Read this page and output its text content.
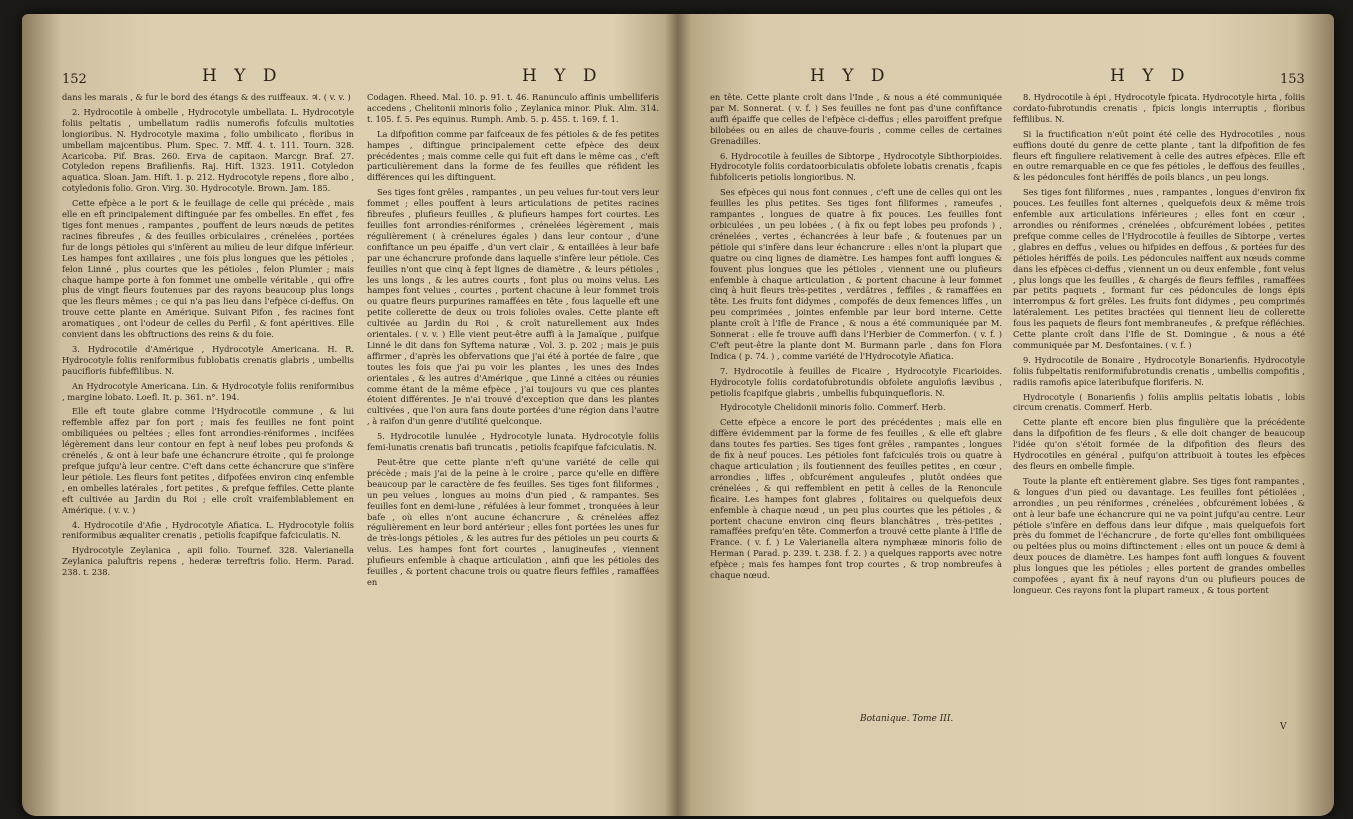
152	H Y D	H Y D

dans les marais , & fur le bord des étangs & des ruiffeaux. ♃. ( v. v. )

2. Hydrocotile à ombelle , Hydrocotyle umbellata. L. Hydrocotyle foliis peltatis , umbellatum radiis numerofis fofculis multoties longioribus. N. Hydrocotyle maxima , folio umbilicato , floribus in umbellam majcentibus. Plum. Spec. 7. Mff. 4. t. 111. Tourn. 328. Acaricoba. Pif. Bras. 260. Erva de capitaon. Marcgr. Braf. 27. Cotyledon repens Brafilienfis. Raj. Hift. 1323. 1911. Cotyledon aquatica. Sloan. Jam. Hift. 1. p. 212. Hydrocotyle repens , flore albo , cotyledonis folio. Gron. Virg. 30. Hydrocotyle. Brown. Jam. 185.

Cette efpèce a le port & le feuillage de celle qui précède , mais elle en eft principalement diftinguée par fes ombelles. En effet , fes tiges font menues , rampantes , pouffent de leurs nœuds de petites racines fibreufes , & des feuilles orbiculaires , crénelées , portées fur de longs pétioles qui s'inſèrent au milieu de leur difque inférieur. Les hampes font axillaires , une fois plus longues que les pétioles , felon Linné , plus courtes que les pétioles , felon Plumier ; mais chaque hampe porte à fon fommet une ombelle véritable , qui offre plus de vingt fleurs foutenues par des rayons beaucoup plus longs que les fleurs mêmes ; ce qui n'a pas lieu dans l'efpèce ci-deffus. On trouve cette plante en Amérique. Suivant Pifon , fes racines font aromatiques , ont l'odeur de celles du Perfil , & font apéritives. Elle convient dans les obftructions des reins & du foie.

3. Hydrocotile d'Amérique , Hydrocotyle Americana. H. R. Hydrocotyle foliis reniformibus fublobatis crenatis glabris , umbellis paucifloris fubfeffilibus. N.

An Hydrocotyle Americana. Lin. & Hydrocotyle foliis reniformibus , margine lobato. Loefl. It. p. 361. n°. 194.

Elle eft toute glabre comme l'Hydrocotile commune , & lui reffemble affez par fon port ; mais fes feuilles ne font point ombiliquées ou peltées ; elles font arrondies-réniformes , incifées légèrement dans leur contour en fept à neuf lobes peu profonds & crénelés , & ont à leur bafe une échancrure étroite , qui fe prolonge prefque jufqu'à leur centre. C'eft dans cette échancrure que s'infère leur pétiole. Les fleurs font petites , difpofées environ cinq enfemble , en ombelles latérales , fort petites , & prefque feffiles. Cette plante eft cultivée au Jardin du Roi ; elle croît vraifemblablement en Amérique. ( v. v. )

4. Hydrocotile d'Afie , Hydrocotyle Afiatica. L. Hydrocotyle foliis reniformibus æqualiter crenatis , petiolis fcapifque fafciculatis. N.

Hydrocotyle Zeylanica , apii folio. Tournef. 328. Valerianella Zeylanica paluftris repens , hederæ terreftris folio. Herm. Parad. 238. t. 238.

Codagen. Rheed. Mal. 10. p. 91. t. 46. Ranunculo affinis umbelliferis accedens , Chelitonii minoris folio , Zeylanica minor. Pluk. Alm. 314. t. 105. f. 5. Pes equinus. Rumph. Amb. 5. p. 455. t. 169. f. 1.

La difpofition comme par faifceaux de fes pétioles & de fes petites hampes , diftingue principalement cette efpèce des deux précédentes ; mais comme celle qui fuit eft dans le même cas , c'eft particulièrement dans la forme de fes feuilles que réfident les différences qui les diftinguent.

Ses tiges font grêles , rampantes , un peu velues fur-tout vers leur fommet ; elles pouffent à leurs articulations de petites racines fibreufes , plufieurs feuilles , & plufieurs hampes fort courtes. Les feuilles font arrondies-réniformes , crénelées légèrement , mais régulièrement ( à crénelures égales ) dans leur contour , d'une confiftance un peu épaiffe , d'un vert clair , & entaillées à leur bafe par une échancrure profonde dans laquelle s'infère leur pétiole. Ces feuilles n'ont que cinq à fept lignes de diamètre , & leurs pétioles , les uns longs , & les autres courts , font plus ou moins velus. Les hampes font velues , courtes , portent chacune à leur fommet trois ou quatre fleurs purpurines ramaffées en tête , fous laquelle eft une petite collerette de deux ou trois folioles ovales. Cette plante eft cultivée au Jardin du Roi , & croît naturellement aux Indes orientales. ( v. v. ) Elle vient peut-être auffi à la Jamaïque , puifque Linné le dit dans fon Syftema naturæ , Vol. 3. p. 202 ; mais je puis affirmer , d'après les obfervations que j'ai été à portée de faire , que toutes les fois que j'ai pu voir les plantes , les unes des Indes orientales , & les autres d'Amérique , que Linné a citées ou réunies comme étant de la même efpèce , j'ai toujours vu que ces plantes étoient différentes. Je n'ai trouvé d'exception que dans les plantes cultivées , que l'on aura fans doute portées d'une région dans l'autre , à raifon d'un genre d'utilité quelconque.

5. Hydrocotile lunulée , Hydrocotyle lunata. Hydrocotyle foliis femi-lunatis crenatis bafi truncatis , petiolis fcapifque fafciculatis. N.

Peut-être que cette plante n'eft qu'une variété de celle qui précède ; mais j'ai de la peine à le croire , parce qu'elle en diffère beaucoup par le caractère de fes feuilles. Ses tiges font filiformes , un peu velues , longues au moins d'un pied , & rampantes. Ses feuilles font en demi-lune , réfulées à leur fommet , tronquées à leur bafe , où elles n'ont aucune échancrure , & crénelées affez régulièrement en leur bord antérieur ; elles font portées les unes fur de très-longs pétioles , & les autres fur des pétioles un peu courts & velus. Les hampes font fort courtes , lanugineufes , viennent plufieurs enfemble à chaque articulation , ainfi que les pétioles des feuilles , & portent chacune trois ou quatre fleurs feffiles , ramaffées en

H Y D	H Y D	153

en tête. Cette plante croît dans l'Inde , & nous a été communiquée par M. Sonnerat. ( v. f. ) Ses feuilles ne font pas d'une confiftance auffi épaiffe que celles de l'efpèce ci-deffus ; elles paroiffent prefque bilobées ou en ailes de chauve-fouris , comme celles de certaines Grenadilles.

6. Hydrocotile à feuilles de Sibtorpe , Hydrocotyle Sibthorpioides. Hydrocotyle foliis cordatoorbiculatis obfolete lobatis crenatis , fcapis fubfoliceris petiolis longioribus. N.

Ses efpèces qui nous font connues , c'eft une de celles qui ont les feuilles les plus petites. Ses tiges font filiformes , rameufes , rampantes , longues de quatre à fix pouces. Les feuilles font orbiculées , un peu lobées , ( à fix ou fept lobes peu profonds ) , crénelées , vertes , échancrées à leur bafe , & foutenues par un pétiole qui s'infère dans leur échancrure : elles n'ont la plupart que quatre ou cinq lignes de diamètre. Les hampes font auffi longues & fouvent plus longues que les pétioles , viennent une ou plufieurs enfemble à chaque articulation , & portent chacune à leur fommet cinq à huit fleurs très-petites , verdâtres , feffiles , & ramaffées en tête. Les fruits font didymes , compofés de deux femences liffes , un peu comprimées , jointes enfemble par leur bord interne. Cette plante croît à l'Ifle de France , & nous a été communiquée par M. Sonnerat : elle fe trouve auffi dans l'Herbier de Commerfon. ( v. f. ) C'eft peut-être la plante dont M. Burmann parle , dans fon Flora Indica ( p. 74. ) , comme variété de l'Hydrocotyle Afiatica.

7. Hydrocotile à feuilles de Ficaire , Hydrocotyle Ficarioides. Hydrocotyle foliis cordatofubrotundis obfolete angulofis lævibus , petiolis fcapifque glabris , umbellis fubquinquefloris. N.

Hydrocotyle Chelidonii minoris folio. Commerf. Herb.

Cette efpèce a encore le port des précédentes ; mais elle en diffère évidemment par la forme de fes feuilles , & elle eft glabre dans toutes fes parties. Ses tiges font grêles , rampantes , longues de fix à neuf pouces. Les pétioles font fafciculés trois ou quatre à chaque articulation ; ils foutiennent des feuilles petites , en cœur , arrondies , liffes , obfcurément anguleufes , plutôt ondées que crénelées , & qui reffemblent en petit à celles de la Renoncule ficaire. Les hampes font glabres , folitaires ou quelquefois deux enfemble à chaque nœud , un peu plus courtes que les pétioles , & portent chacune environ cinq fleurs blanchâtres , très-petites , ramaffées prefqu'en tête. Commerfon a trouvé cette plante à l'Ifle de France. ( v. f. ) Le Valerianella altera nymphææ minoris folio de Herman ( Parad. p. 239. t. 238. f. 2. ) a quelques rapports avec notre efpèce ; mais fes hampes font trop courtes , & trop nombreufes à chaque nœud.

8. Hydrocotile à épi , Hydrocotyle fpicata. Hydrocotyle hirta , foliis cordato-fubrotundis crenatis , fpicis longis interruptis , floribus feffilibus. N.

Si la fructification n'eût point été celle des Hydrocotiles , nous euffions douté du genre de cette plante , tant la difpofition de fes fleurs eft finguliere relativement à celle des autres efpèces. Elle eft en outre remarquable en ce que fes pétioles , le deffous des feuilles , & les pédoncules font hériffés de poils blancs , un peu longs.

Ses tiges font filiformes , nues , rampantes , longues d'environ fix pouces. Les feuilles font alternes , quelquefois deux & même trois enfemble aux articulations inférieures ; elles font en cœur , arrondies ou réniformes , crénelées , obfcurément lobées , petites prefque comme celles de l'Hydrocotile à feuilles de Sibtorpe , vertes , glabres en deffus , velues ou hifpides en deffous , & portées fur des pétioles hériffés de poils. Les pédoncules naiffent aux nœuds comme dans les efpèces ci-deffus , viennent un ou deux enfemble , font velus , plus longs que les feuilles , & chargés de fleurs feffiles , ramaffées par petits paquets , formant fur ces pédoncules de longs épis interrompus & fort grêles. Les fruits font didymes , peu comprimés latéralement. Les petites bractées qui tiennent lieu de collerette fous les paquets de fleurs font membraneufes , & prefque réfléchies. Cette plante croît dans l'Ifle de St. Domingue , & nous a été communiquée par M. Desfontaines. ( v. f. )

9. Hydrocotile de Bonaire , Hydrocotyle Bonarienfis. Hydrocotyle foliis fubpeltatis reniformifubrotundis crenatis , umbellis compofitis , radiis ramofis apice lateribufque floriferis. N.

Hydrocotyle ( Bonarienfis ) foliis ampliis peltatis lobatis , lobis circum crenatis. Commerf. Herb.

Cette plante eft encore bien plus fingulière que la précédente dans la difpofition de fes fleurs , & elle doit changer de beaucoup l'idée qu'on s'étoit formée de la difpofition des fleurs des Hydrocotiles en général , puifqu'on attribuoit à toutes les efpèces des fleurs en ombelle fimple.

Toute la plante eft entièrement glabre. Ses tiges font rampantes , & longues d'un pied ou davantage. Les feuilles font pétiolées , arrondies , un peu réniformes , crénelées , obfcurément lobées , & ont à leur bafe une échancrure qui ne va point jufqu'au centre. Leur pétiole s'infère en deffous dans leur difque , mais quelquefois fort près du fommet de l'échancrure , de forte qu'elles font ombiliquées ou peltées plus ou moins diftinctement : elles ont un pouce & demi à deux pouces de diamètre. Les hampes font auffi longues & fouvent plus longues que les pétioles ; elles portent de grandes ombelles compofées , ayant fix à neuf rayons d'un ou plufieurs pouces de longueur. Ces rayons font la plupart rameux , & tous portent

Botanique. Tome III.
V
